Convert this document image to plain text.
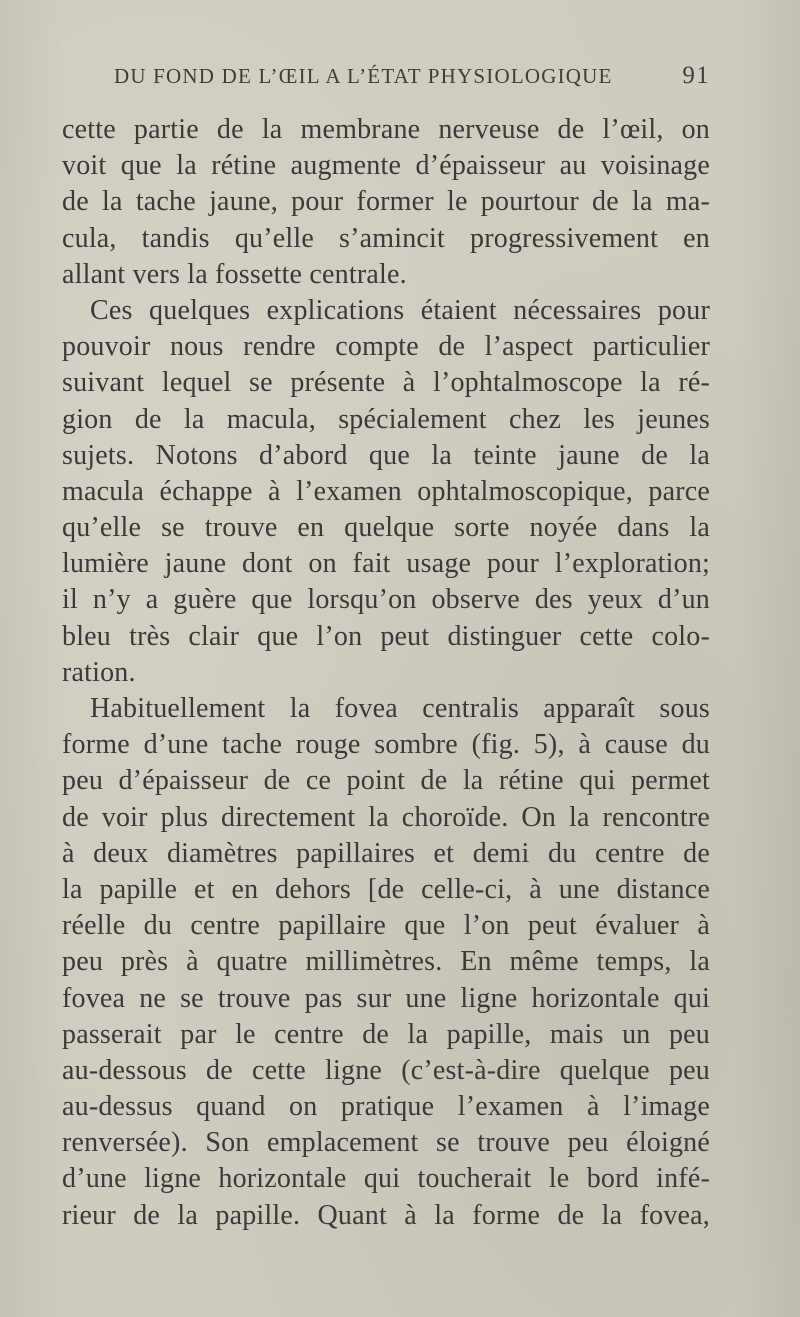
DU FOND DE L’ŒIL A L’ÉTAT PHYSIOLOGIQUE	91
cette partie de la membrane nerveuse de l’œil, on
voit que la rétine augmente d’épaisseur au voisinage
de la tache jaune, pour former le pourtour de la ma-
cula, tandis qu’elle s’amincit progressivement en
allant vers la fossette centrale.
Ces quelques explications étaient nécessaires pour
pouvoir nous rendre compte de l’aspect particulier
suivant lequel se présente à l’ophtalmoscope la ré-
gion de la macula, spécialement chez les jeunes
sujets. Notons d’abord que la teinte jaune de la
macula échappe à l’examen ophtalmoscopique, parce
qu’elle se trouve en quelque sorte noyée dans la
lumière jaune dont on fait usage pour l’exploration;
il n’y a guère que lorsqu’on observe des yeux d’un
bleu très clair que l’on peut distinguer cette colo-
ration.
Habituellement la fovea centralis apparaît sous
forme d’une tache rouge sombre (fig. 5), à cause du
peu d’épaisseur de ce point de la rétine qui permet
de voir plus directement la choroïde. On la rencontre
à deux diamètres papillaires et demi du centre de
la papille et en dehors [de celle-ci, à une distance
réelle du centre papillaire que l’on peut évaluer à
peu près à quatre millimètres. En même temps, la
fovea ne se trouve pas sur une ligne horizontale qui
passerait par le centre de la papille, mais un peu
au-dessous de cette ligne (c’est-à-dire quelque peu
au-dessus quand on pratique l’examen à l’image
renversée). Son emplacement se trouve peu éloigné
d’une ligne horizontale qui toucherait le bord infé-
rieur de la papille. Quant à la forme de la fovea,
